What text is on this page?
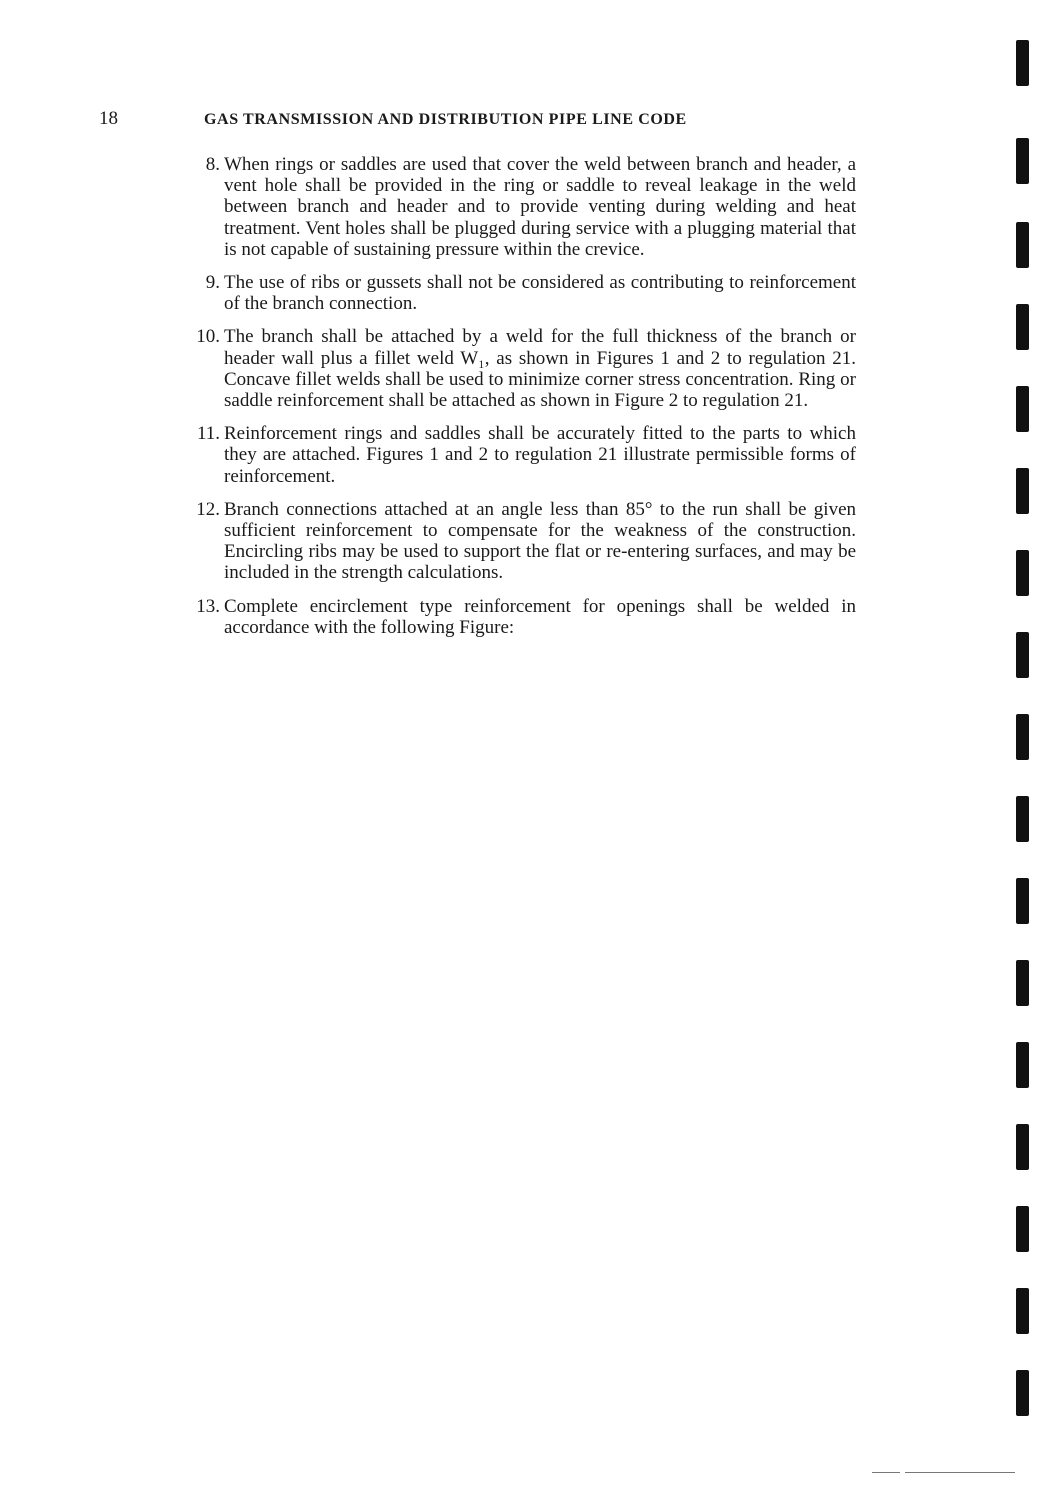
18	GAS TRANSMISSION AND DISTRIBUTION PIPE LINE CODE
8. When rings or saddles are used that cover the weld between branch and header, a vent hole shall be provided in the ring or saddle to reveal leakage in the weld between branch and header and to provide venting during welding and heat treatment. Vent holes shall be plugged during service with a plugging material that is not capable of sustaining pressure within the crevice.
9. The use of ribs or gussets shall not be considered as contributing to reinforcement of the branch connection.
10. The branch shall be attached by a weld for the full thickness of the branch or header wall plus a fillet weld W₁, as shown in Figures 1 and 2 to regulation 21. Concave fillet welds shall be used to minimize corner stress concentration. Ring or saddle reinforcement shall be attached as shown in Figure 2 to regulation 21.
11. Reinforcement rings and saddles shall be accurately fitted to the parts to which they are attached. Figures 1 and 2 to regulation 21 illustrate permissible forms of reinforcement.
12. Branch connections attached at an angle less than 85° to the run shall be given sufficient reinforcement to compensate for the weakness of the construction. Encircling ribs may be used to support the flat or re-entering surfaces, and may be included in the strength calculations.
13. Complete encirclement type reinforcement for openings shall be welded in accordance with the following Figure:
